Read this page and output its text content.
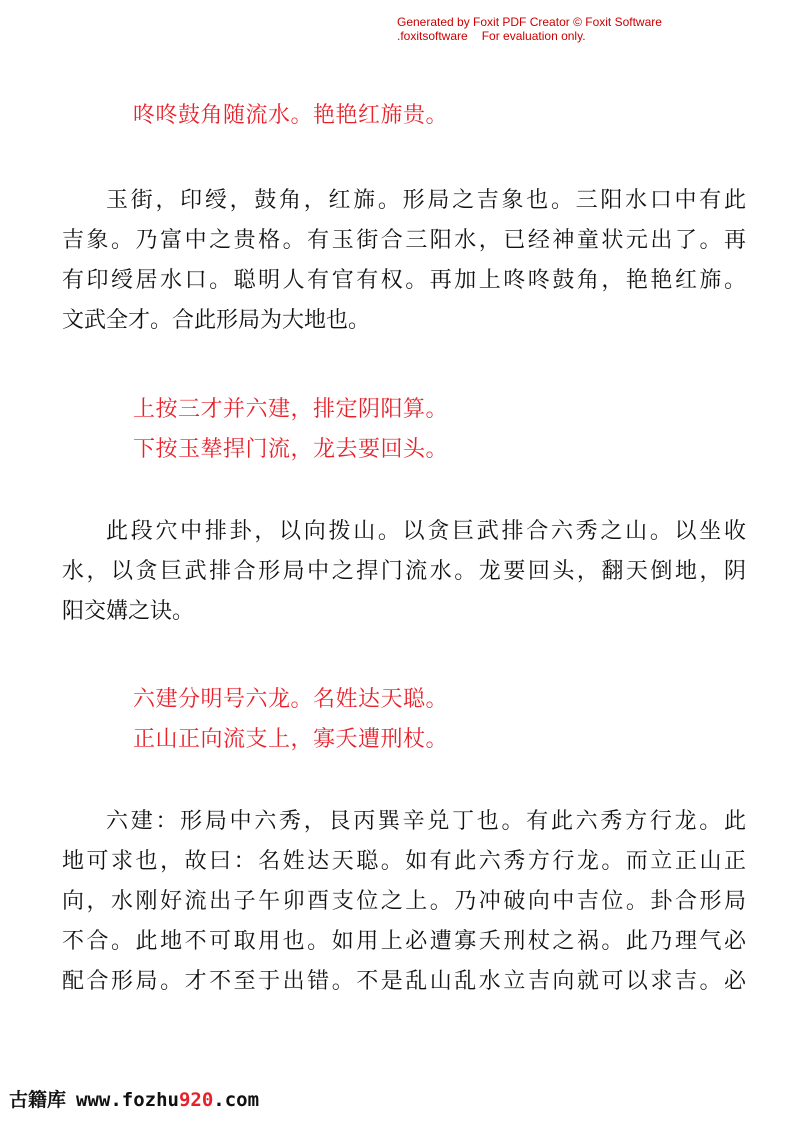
Generated by Foxit PDF Creator © Foxit Software
.foxitsoftware For evaluation only.
咚咚鼓角随流水。艳艳红旆贵。
玉街，印绶，鼓角，红旆。形局之吉象也。三阳水口中有此
吉象。乃富中之贵格。有玉街合三阳水，已经神童状元出了。再
有印绶居水口。聪明人有官有权。再加上咚咚鼓角，艳艳红旆。
文武全才。合此形局为大地也。
上按三才并六建，排定阴阳算。
下按玉辇捍门流，龙去要回头。
此段穴中排卦，以向拨山。以贪巨武排合六秀之山。以坐收
水，以贪巨武排合形局中之捍门流水。龙要回头，翻天倒地，阴
阳交媾之诀。
六建分明号六龙。名姓达天聪。
正山正向流支上，寡夭遭刑杖。
六建：形局中六秀，艮丙巽辛兑丁也。有此六秀方行龙。此
地可求也，故曰：名姓达天聪。如有此六秀方行龙。而立正山正
向，水刚好流出子午卯酉支位之上。乃冲破向中吉位。卦合形局
不合。此地不可取用也。如用上必遭寡夭刑杖之祸。此乃理气必
配合形局。才不至于出错。不是乱山乱水立吉向就可以求吉。必
古籍库 www.fozhu920.com
